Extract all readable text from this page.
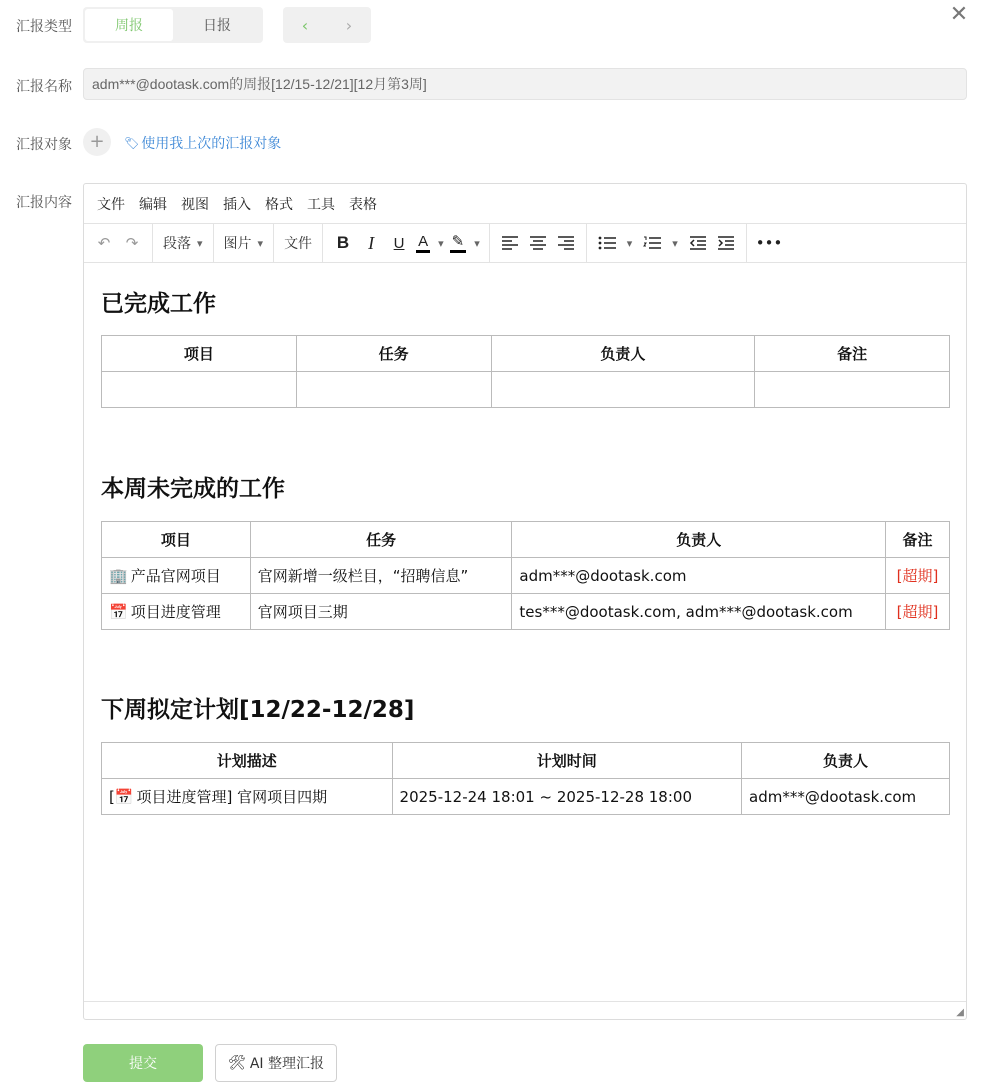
✕
汇报类型	周报	日报	‹	›
汇报名称	adm***@dootask.com的周报[12/15-12/21][12月第3周]
汇报对象 +	🏷 使用我上次的汇报对象
汇报内容	文件	编辑	视图	插入	格式	工具	表格
↶	↷	段落 ▾ 图片 ▾ 文件	B	I	U A ▾ ✎ ▾	▾	▾	•••
已完成工作
项目	任务	负责人	备注

本周未完成的工作
项目	任务	负责人	备注
🏢 产品官网项目	官网新增一级栏目，“招聘信息”	adm***@dootask.com	[超期]
📅 项目进度管理	官网项目三期	tes***@dootask.com, adm***@dootask.com	[超期]
下周拟定计划[12/22-12/28]
计划描述	计划时间	负责人
[📅 项目进度管理] 官网项目四期	2025-12-24 18:01 ~ 2025-12-28 18:00	adm***@dootask.com
◢
提交	🛠 AI 整理汇报
